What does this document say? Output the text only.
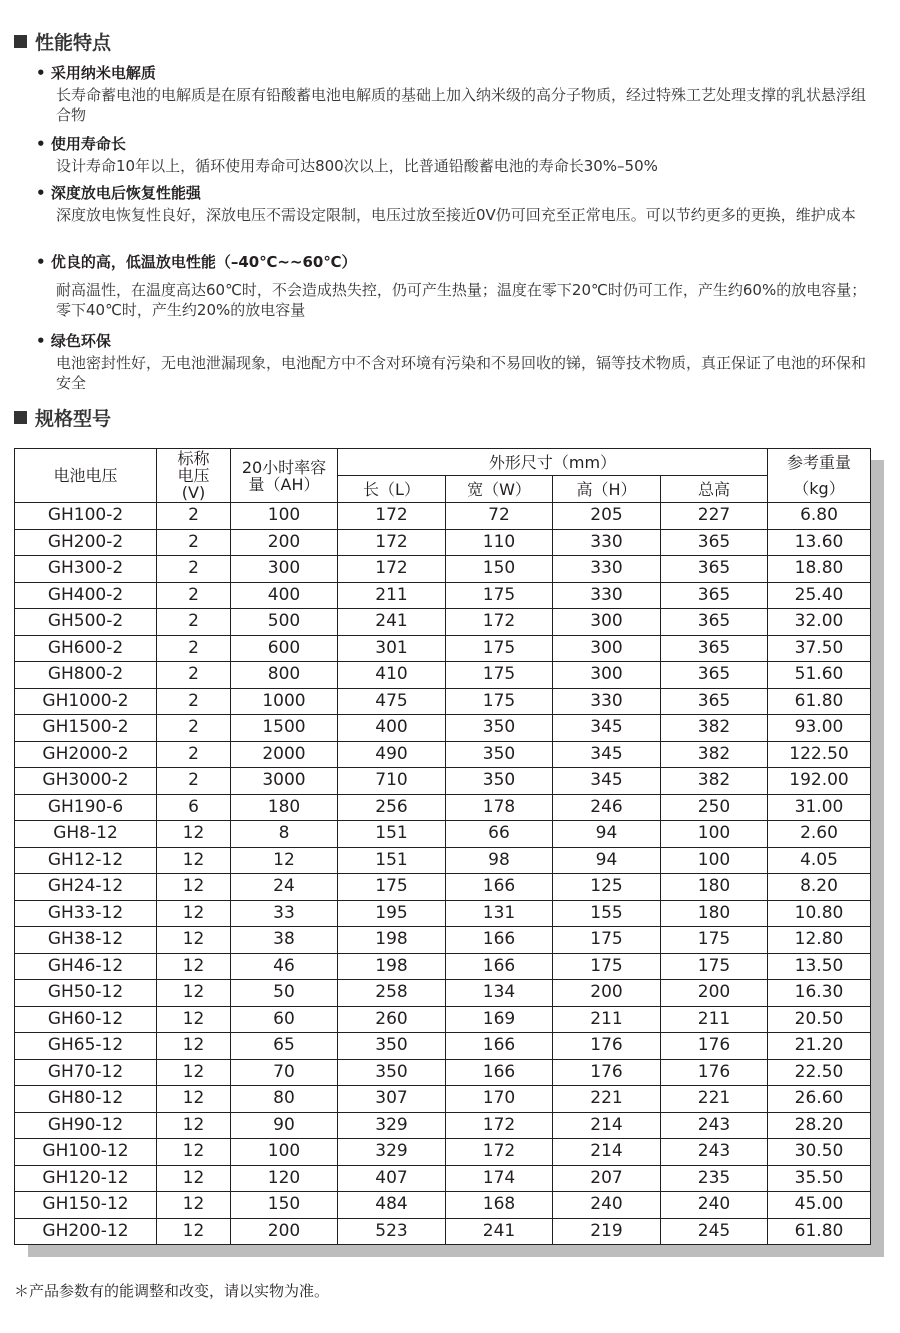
性能特点
• 采用纳米电解质
长寿命蓄电池的电解质是在原有铅酸蓄电池电解质的基础上加入纳米级的高分子物质，经过特殊工艺处理支撑的乳状悬浮组合物
• 使用寿命长
设计寿命10年以上，循环使用寿命可达800次以上，比普通铅酸蓄电池的寿命长30%–50%
• 深度放电后恢复性能强
深度放电恢复性良好，深放电压不需设定限制，电压过放至接近0V仍可回充至正常电压。可以节约更多的更换，维护成本
• 优良的高，低温放电性能（–40℃~~60℃）
耐高温性，在温度高达60℃时，不会造成热失控，仍可产生热量；温度在零下20℃时仍可工作，产生约60%的放电容量；零下40℃时，产生约20%的放电容量
• 绿色环保
电池密封性好，无电池泄漏现象，电池配方中不含对环境有污染和不易回收的锑，镉等技术物质，真正保证了电池的环保和安全
规格型号
电池电压	标称电压(V)	20小时率容量（AH）	外形尺寸（mm）				参考重量（kg）
			长（L）	宽（W）	高（H）	总高	
GH100-2	2	100	172	72	205	227	6.80
GH200-2	2	200	172	110	330	365	13.60
GH300-2	2	300	172	150	330	365	18.80
GH400-2	2	400	211	175	330	365	25.40
GH500-2	2	500	241	172	300	365	32.00
GH600-2	2	600	301	175	300	365	37.50
GH800-2	2	800	410	175	300	365	51.60
GH1000-2	2	1000	475	175	330	365	61.80
GH1500-2	2	1500	400	350	345	382	93.00
GH2000-2	2	2000	490	350	345	382	122.50
GH3000-2	2	3000	710	350	345	382	192.00
GH190-6	6	180	256	178	246	250	31.00
GH8-12	12	8	151	66	94	100	2.60
GH12-12	12	12	151	98	94	100	4.05
GH24-12	12	24	175	166	125	180	8.20
GH33-12	12	33	195	131	155	180	10.80
GH38-12	12	38	198	166	175	175	12.80
GH46-12	12	46	198	166	175	175	13.50
GH50-12	12	50	258	134	200	200	16.30
GH60-12	12	60	260	169	211	211	20.50
GH65-12	12	65	350	166	176	176	21.20
GH70-12	12	70	350	166	176	176	22.50
GH80-12	12	80	307	170	221	221	26.60
GH90-12	12	90	329	172	214	243	28.20
GH100-12	12	100	329	172	214	243	30.50
GH120-12	12	120	407	174	207	235	35.50
GH150-12	12	150	484	168	240	240	45.00
GH200-12	12	200	523	241	219	245	61.80
＊产品参数有的能调整和改变，请以实物为准。
